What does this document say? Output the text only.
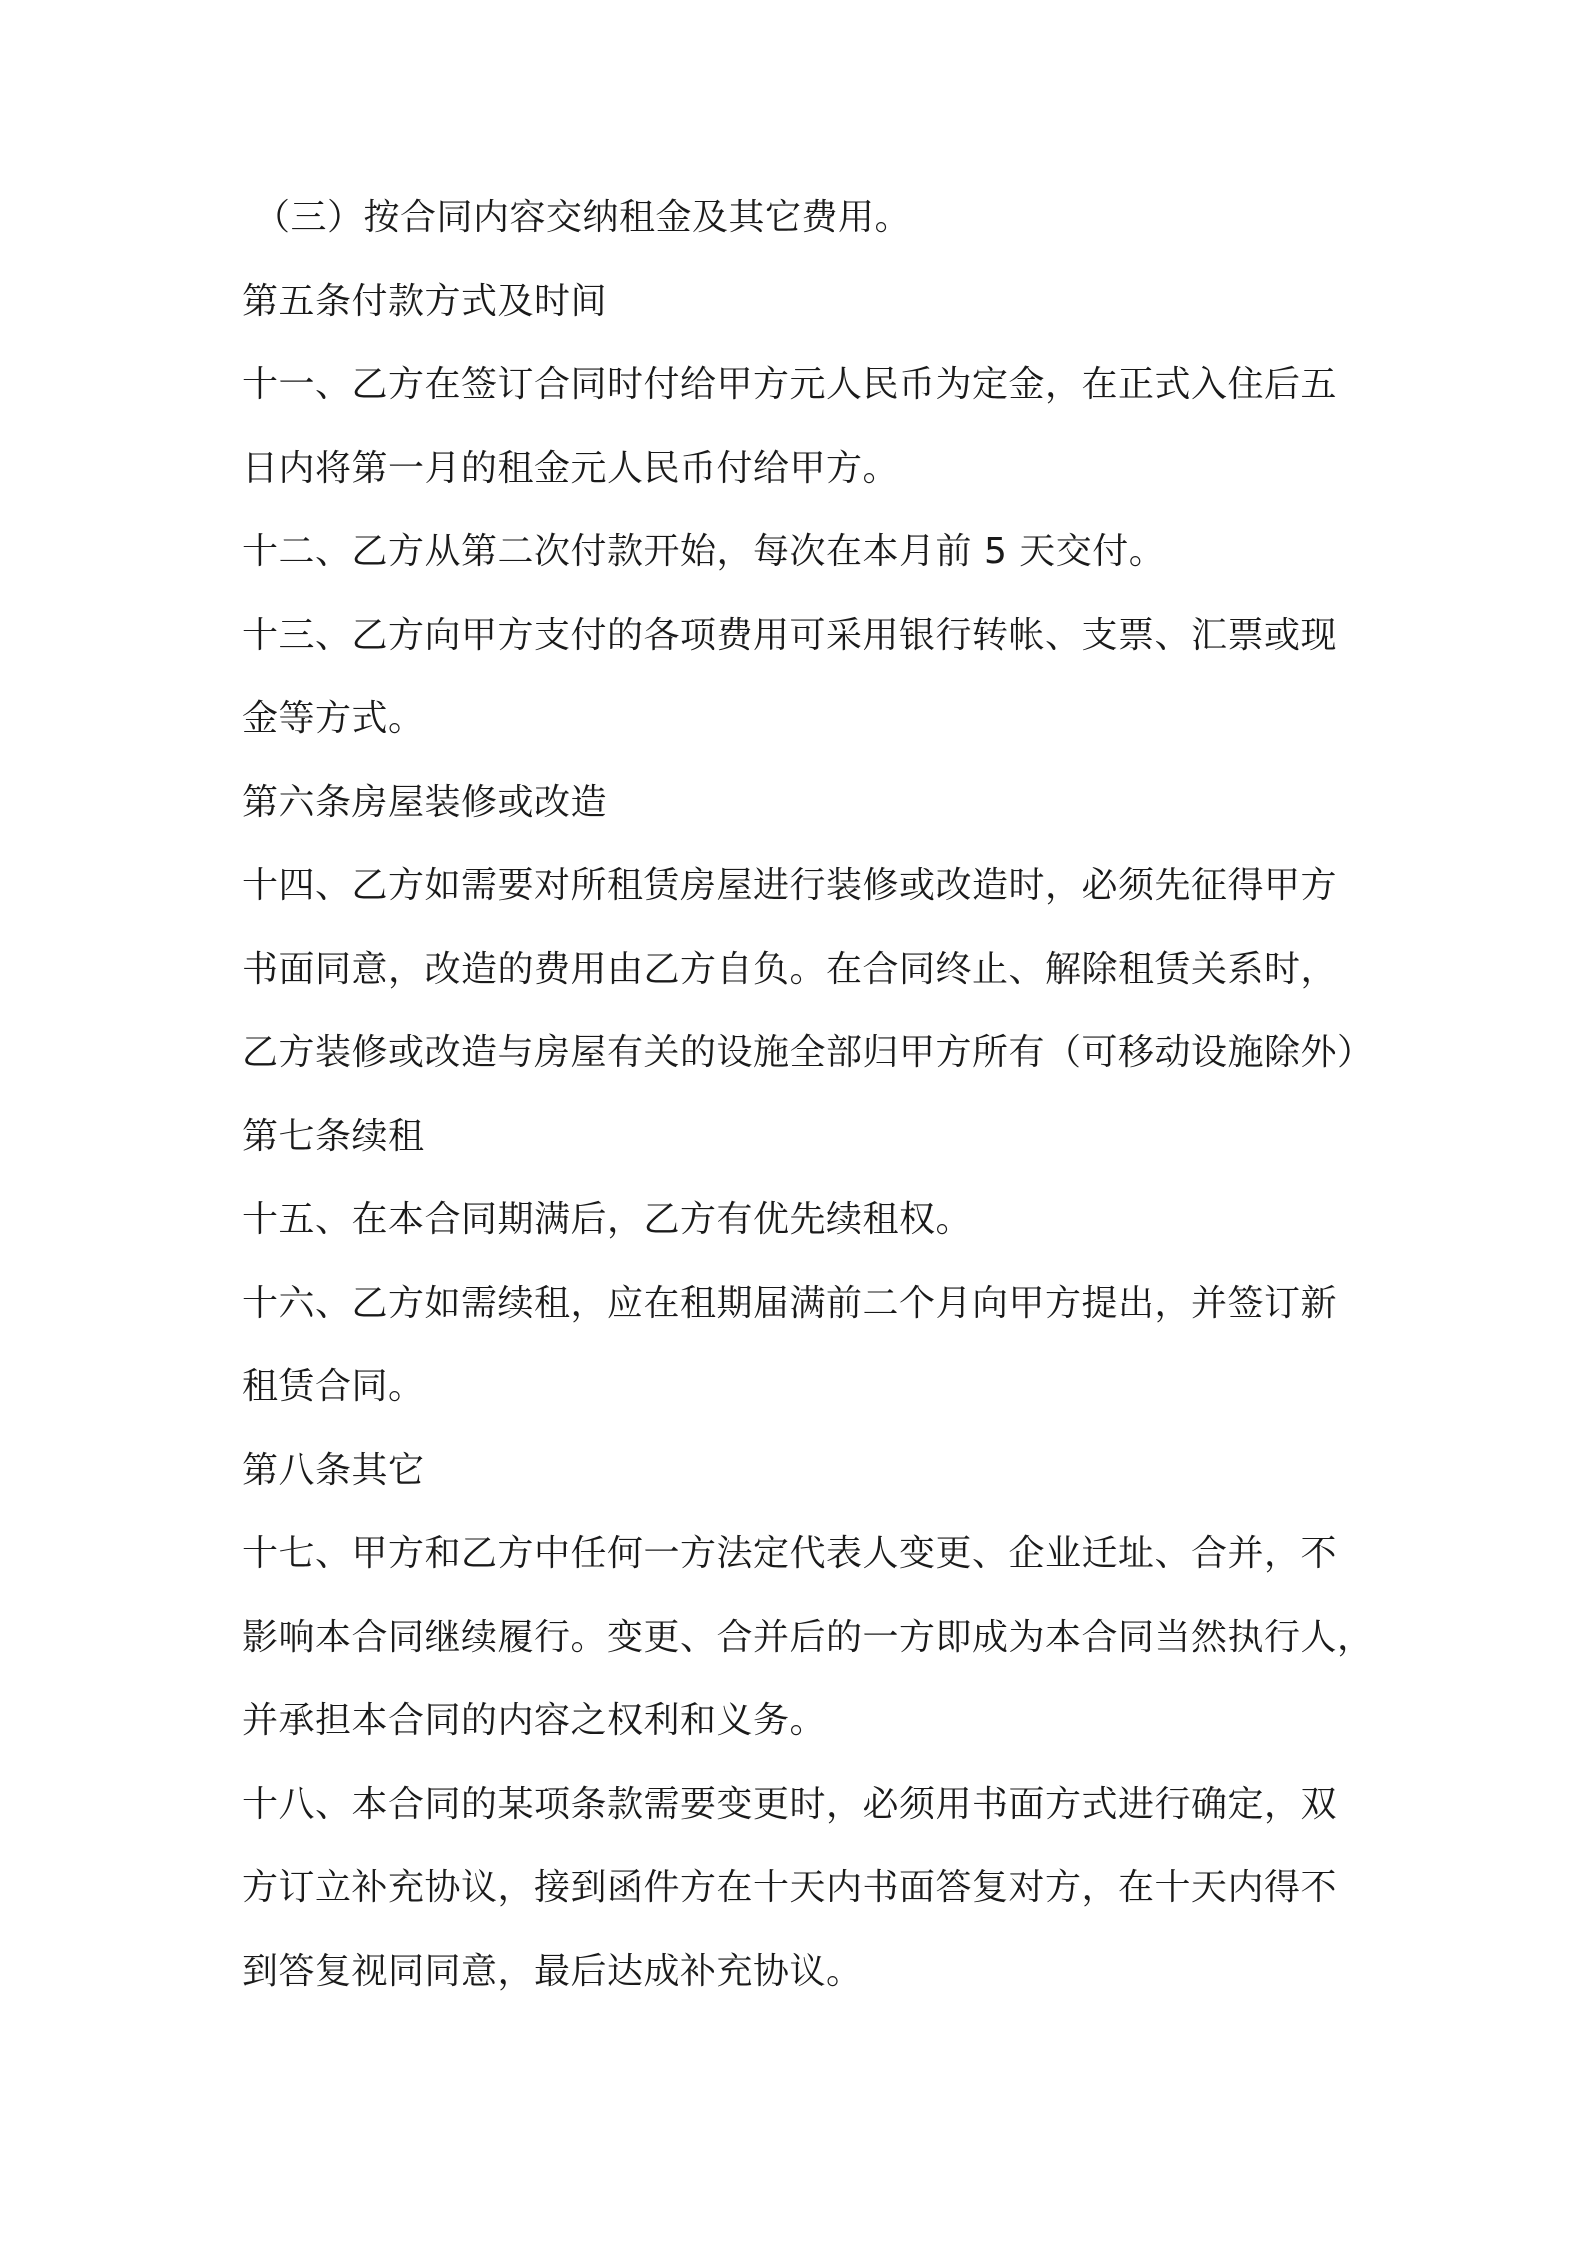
（三）按合同内容交纳租金及其它费用。
第五条付款方式及时间
十一、乙方在签订合同时付给甲方元人民币为定金，在正式入住后五
日内将第一月的租金元人民币付给甲方。
十二、乙方从第二次付款开始，每次在本月前 5 天交付。
十三、乙方向甲方支付的各项费用可采用银行转帐、支票、汇票或现
金等方式。
第六条房屋装修或改造
十四、乙方如需要对所租赁房屋进行装修或改造时，必须先征得甲方
书面同意，改造的费用由乙方自负。在合同终止、解除租赁关系时，
乙方装修或改造与房屋有关的设施全部归甲方所有（可移动设施除外）
第七条续租
十五、在本合同期满后，乙方有优先续租权。
十六、乙方如需续租，应在租期届满前二个月向甲方提出，并签订新
租赁合同。
第八条其它
十七、甲方和乙方中任何一方法定代表人变更、企业迁址、合并，不
影响本合同继续履行。变更、合并后的一方即成为本合同当然执行人，
并承担本合同的内容之权利和义务。
十八、本合同的某项条款需要变更时，必须用书面方式进行确定，双
方订立补充协议，接到函件方在十天内书面答复对方，在十天内得不
到答复视同同意，最后达成补充协议。
